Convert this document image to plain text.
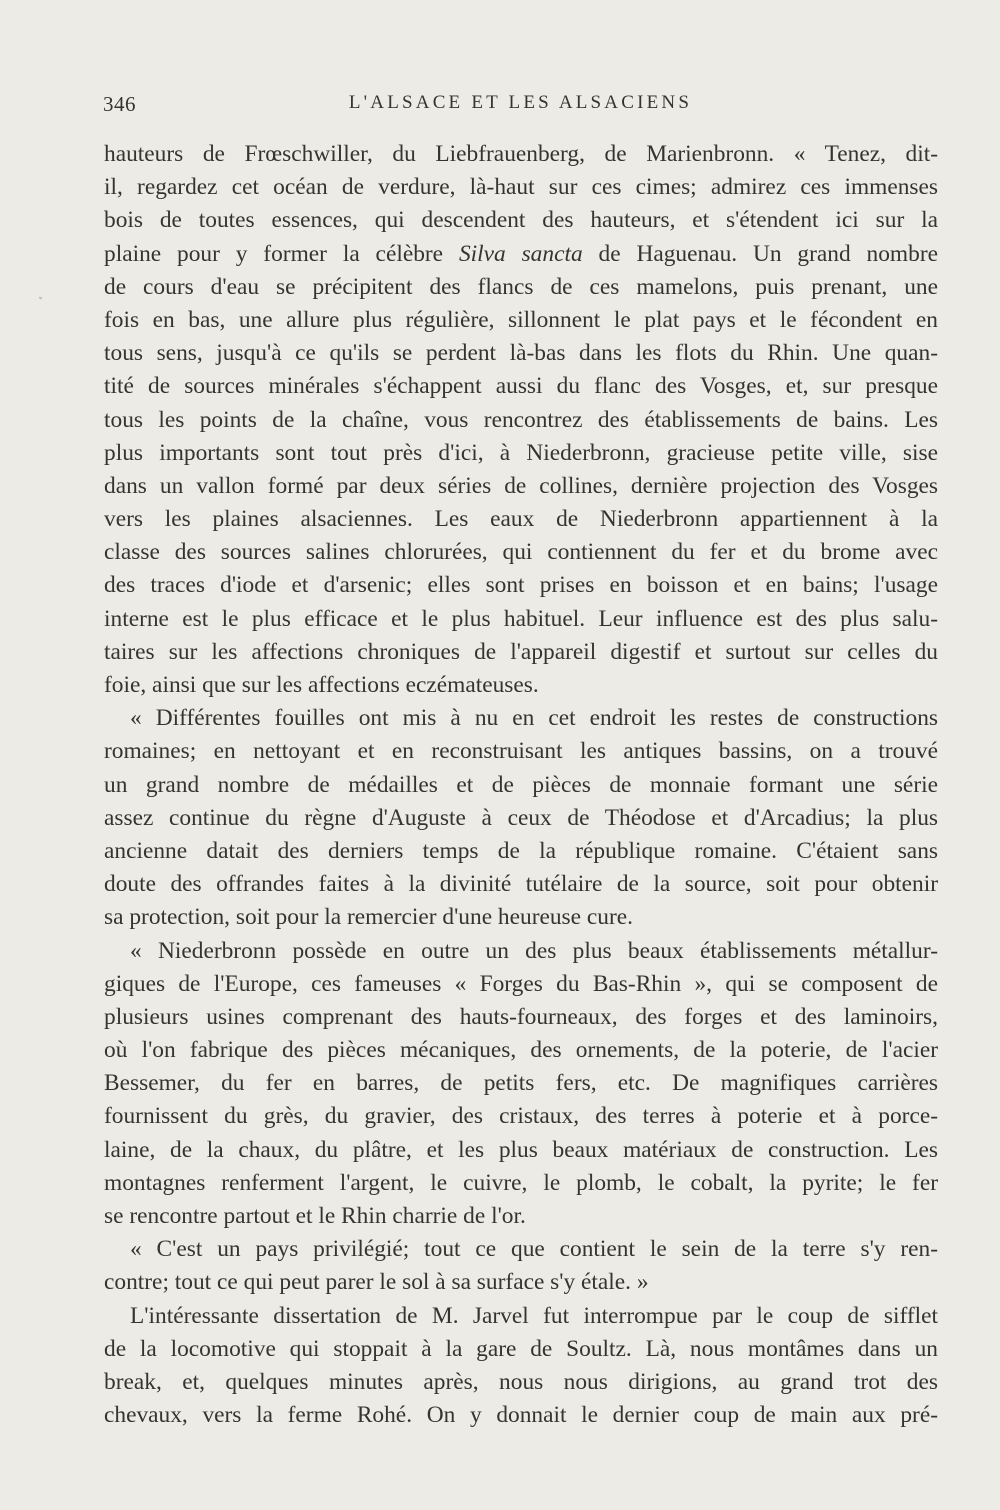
346	L'ALSACE ET LES ALSACIENS
hauteurs de Frœschwiller, du Liebfrauenberg, de Marienbronn. « Tenez, dit-
il, regardez cet océan de verdure, là-haut sur ces cimes; admirez ces immenses
bois de toutes essences, qui descendent des hauteurs, et s'étendent ici sur la
plaine pour y former la célèbre Silva sancta de Haguenau. Un grand nombre
de cours d'eau se précipitent des flancs de ces mamelons, puis prenant, une
fois en bas, une allure plus régulière, sillonnent le plat pays et le fécondent en
tous sens, jusqu'à ce qu'ils se perdent là-bas dans les flots du Rhin. Une quan-
tité de sources minérales s'échappent aussi du flanc des Vosges, et, sur presque
tous les points de la chaîne, vous rencontrez des établissements de bains. Les
plus importants sont tout près d'ici, à Niederbronn, gracieuse petite ville, sise
dans un vallon formé par deux séries de collines, dernière projection des Vosges
vers les plaines alsaciennes. Les eaux de Niederbronn appartiennent à la
classe des sources salines chlorurées, qui contiennent du fer et du brome avec
des traces d'iode et d'arsenic; elles sont prises en boisson et en bains; l'usage
interne est le plus efficace et le plus habituel. Leur influence est des plus salu-
taires sur les affections chroniques de l'appareil digestif et surtout sur celles du
foie, ainsi que sur les affections eczémateuses.
« Différentes fouilles ont mis à nu en cet endroit les restes de constructions
romaines; en nettoyant et en reconstruisant les antiques bassins, on a trouvé
un grand nombre de médailles et de pièces de monnaie formant une série
assez continue du règne d'Auguste à ceux de Théodose et d'Arcadius; la plus
ancienne datait des derniers temps de la république romaine. C'étaient sans
doute des offrandes faites à la divinité tutélaire de la source, soit pour obtenir
sa protection, soit pour la remercier d'une heureuse cure.
« Niederbronn possède en outre un des plus beaux établissements métallur-
giques de l'Europe, ces fameuses « Forges du Bas-Rhin », qui se composent de
plusieurs usines comprenant des hauts-fourneaux, des forges et des laminoirs,
où l'on fabrique des pièces mécaniques, des ornements, de la poterie, de l'acier
Bessemer, du fer en barres, de petits fers, etc. De magnifiques carrières
fournissent du grès, du gravier, des cristaux, des terres à poterie et à porce-
laine, de la chaux, du plâtre, et les plus beaux matériaux de construction. Les
montagnes renferment l'argent, le cuivre, le plomb, le cobalt, la pyrite; le fer
se rencontre partout et le Rhin charrie de l'or.
« C'est un pays privilégié; tout ce que contient le sein de la terre s'y ren-
contre; tout ce qui peut parer le sol à sa surface s'y étale. »
L'intéressante dissertation de M. Jarvel fut interrompue par le coup de sifflet
de la locomotive qui stoppait à la gare de Soultz. Là, nous montâmes dans un
break, et, quelques minutes après, nous nous dirigions, au grand trot des
chevaux, vers la ferme Rohé. On y donnait le dernier coup de main aux pré-
